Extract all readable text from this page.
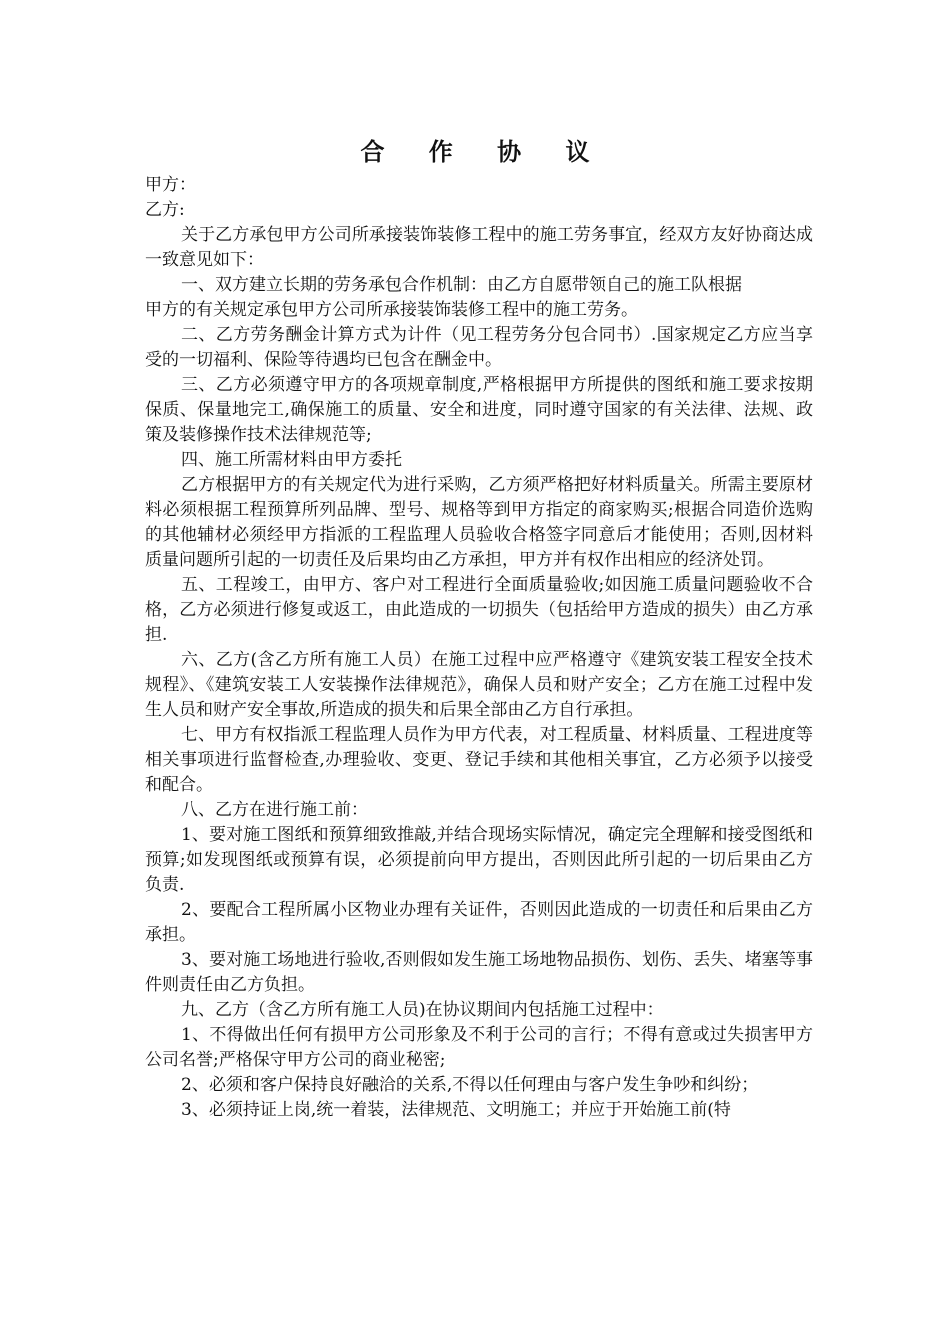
合 作 协 议

甲方：

乙方:

关于乙方承包甲方公司所承接装饰装修工程中的施工劳务事宜，经双方友好协商达成一致意见如下：

一、双方建立长期的劳务承包合作机制：由乙方自愿带领自己的施工队根据

甲方的有关规定承包甲方公司所承接装饰装修工程中的施工劳务。

二、乙方劳务酬金计算方式为计件（见工程劳务分包合同书）.国家规定乙方应当享受的一切福利、保险等待遇均已包含在酬金中。

三、乙方必须遵守甲方的各项规章制度,严格根据甲方所提供的图纸和施工要求按期保质、保量地完工,确保施工的质量、安全和进度，同时遵守国家的有关法律、法规、政策及装修操作技术法律规范等;

四、施工所需材料由甲方委托

乙方根据甲方的有关规定代为进行采购，乙方须严格把好材料质量关。所需主要原材料必须根据工程预算所列品牌、型号、规格等到甲方指定的商家购买;根据合同造价选购的其他辅材必须经甲方指派的工程监理人员验收合格签字同意后才能使用；否则,因材料质量问题所引起的一切责任及后果均由乙方承担，甲方并有权作出相应的经济处罚。

五、工程竣工，由甲方、客户对工程进行全面质量验收;如因施工质量问题验收不合格，乙方必须进行修复或返工，由此造成的一切损失（包括给甲方造成的损失）由乙方承担.

六、乙方(含乙方所有施工人员）在施工过程中应严格遵守《建筑安装工程安全技术规程》、《建筑安装工人安装操作法律规范》，确保人员和财产安全；乙方在施工过程中发生人员和财产安全事故,所造成的损失和后果全部由乙方自行承担。

七、甲方有权指派工程监理人员作为甲方代表，对工程质量、材料质量、工程进度等相关事项进行监督检查,办理验收、变更、登记手续和其他相关事宜，乙方必须予以接受和配合。

八、乙方在进行施工前：

1、要对施工图纸和预算细致推敲,并结合现场实际情况，确定完全理解和接受图纸和预算;如发现图纸或预算有误，必须提前向甲方提出，否则因此所引起的一切后果由乙方负责.

2、要配合工程所属小区物业办理有关证件，否则因此造成的一切责任和后果由乙方承担。

3、要对施工场地进行验收,否则假如发生施工场地物品损伤、划伤、丢失、堵塞等事件则责任由乙方负担。

九、乙方（含乙方所有施工人员)在协议期间内包括施工过程中：

1、不得做出任何有损甲方公司形象及不利于公司的言行；不得有意或过失损害甲方公司名誉;严格保守甲方公司的商业秘密;

2、必须和客户保持良好融洽的关系,不得以任何理由与客户发生争吵和纠纷；

3、必须持证上岗,统一着装，法律规范、文明施工；并应于开始施工前(特
